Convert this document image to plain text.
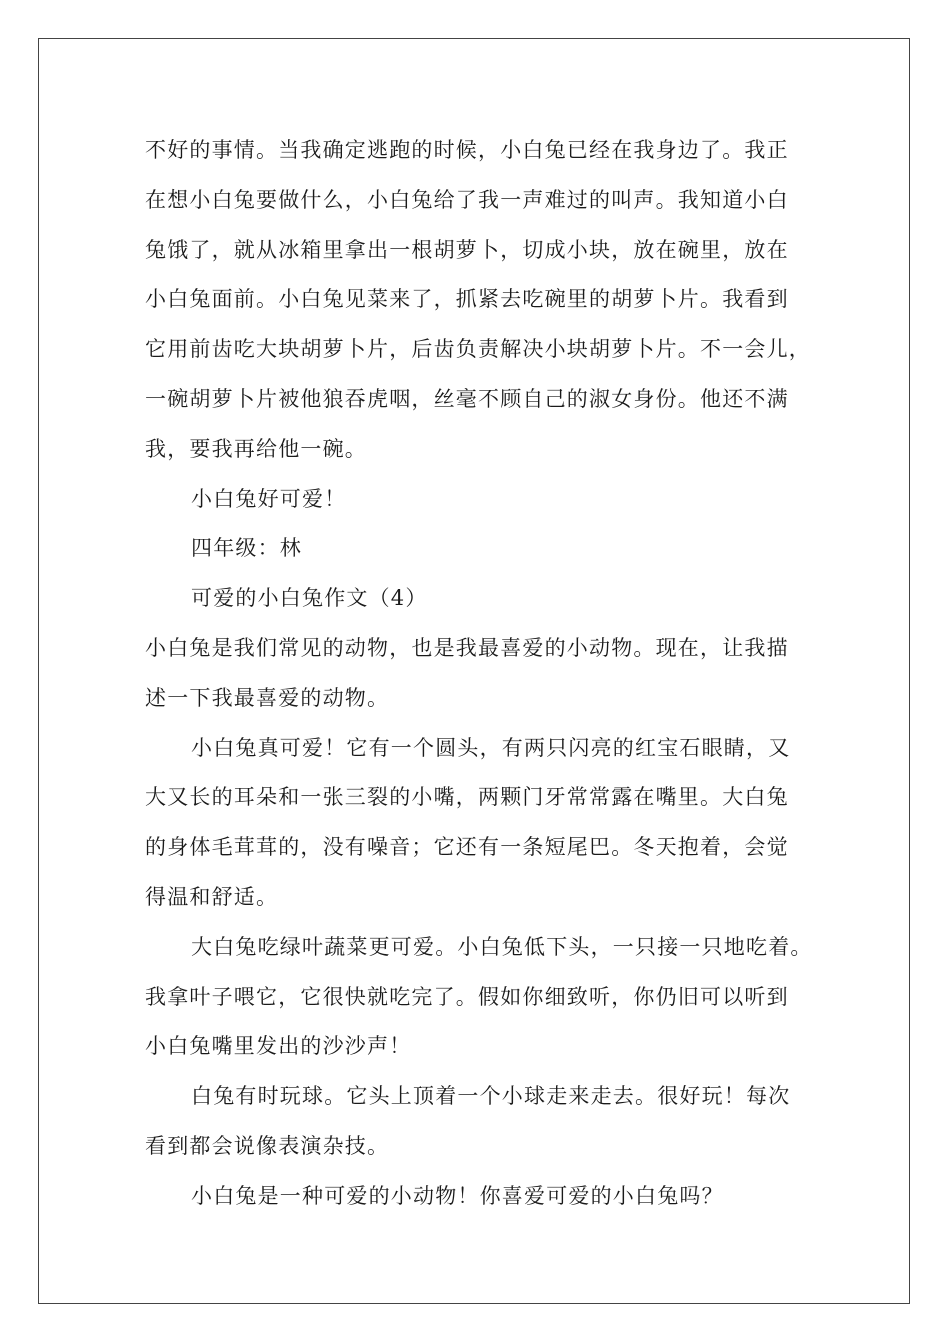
不好的事情。当我确定逃跑的时候，小白兔已经在我身边了。我正
在想小白兔要做什么，小白兔给了我一声难过的叫声。我知道小白
兔饿了，就从冰箱里拿出一根胡萝卜，切成小块，放在碗里，放在
小白兔面前。小白兔见菜来了，抓紧去吃碗里的胡萝卜片。我看到
它用前齿吃大块胡萝卜片，后齿负责解决小块胡萝卜片。不一会儿，
一碗胡萝卜片被他狼吞虎咽，丝毫不顾自己的淑女身份。他还不满
我，要我再给他一碗。
小白兔好可爱！
四年级：林
可爱的小白兔作文（4）
小白兔是我们常见的动物，也是我最喜爱的小动物。现在，让我描
述一下我最喜爱的动物。
小白兔真可爱！它有一个圆头，有两只闪亮的红宝石眼睛，又
大又长的耳朵和一张三裂的小嘴，两颗门牙常常露在嘴里。大白兔
的身体毛茸茸的，没有噪音；它还有一条短尾巴。冬天抱着，会觉
得温和舒适。
大白兔吃绿叶蔬菜更可爱。小白兔低下头，一只接一只地吃着。
我拿叶子喂它，它很快就吃完了。假如你细致听，你仍旧可以听到
小白兔嘴里发出的沙沙声！
白兔有时玩球。它头上顶着一个小球走来走去。很好玩！每次
看到都会说像表演杂技。
小白兔是一种可爱的小动物！你喜爱可爱的小白兔吗？
